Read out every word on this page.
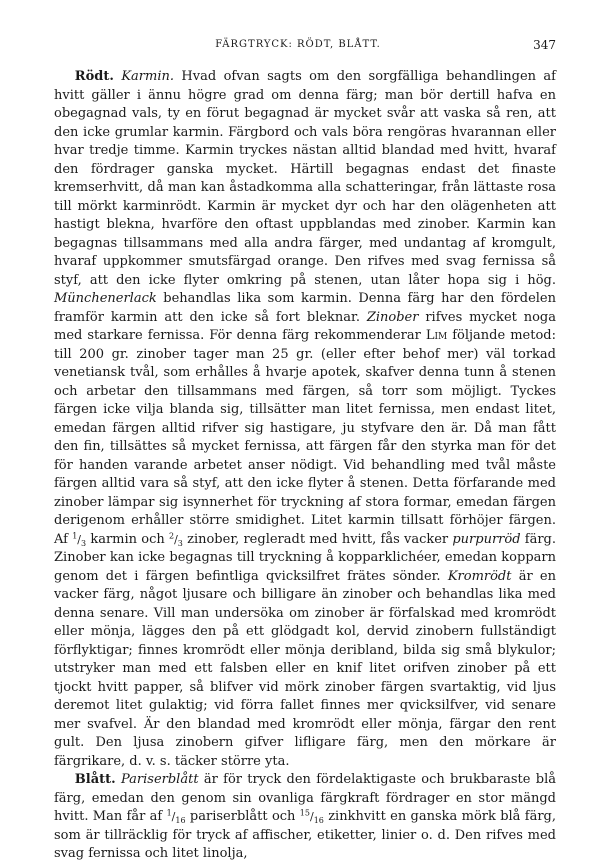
FÄRGTRYCK: RÖDT, BLÅTT.	347

Rödt. Karmin. Hvad ofvan sagts om den sorgfälliga behandlingen af hvitt gäller i ännu högre grad om denna färg; man bör dertill hafva en obegagnad vals, ty en förut begagnad är mycket svår att vaska så ren, att den icke grumlar karmin. Färgbord och vals böra rengöras hvarannan eller hvar tredje timme. Karmin tryckes nästan alltid blandad med hvitt, hvaraf den fördrager ganska mycket. Härtill begagnas endast det finaste kremserhvitt, då man kan åstadkomma alla schatteringar, från lättaste rosa till mörkt karminrödt. Karmin är mycket dyr och har den olägenheten att hastigt blekna, hvarföre den oftast uppblandas med zinober. Karmin kan begagnas tillsammans med alla andra färger, med undantag af kromgult, hvaraf uppkommer smutsfärgad orange. Den rifves med svag fernissa så styf, att den icke flyter omkring på stenen, utan låter hopa sig i hög. Münchenerlack behandlas lika som karmin. Denna färg har den fördelen framför karmin att den icke så fort bleknar. Zinober rifves mycket noga med starkare fernissa. För denna färg rekommenderar Lim följande metod: till 200 gr. zinober tager man 25 gr. (eller efter behof mer) väl torkad venetiansk tvål, som erhålles å hvarje apotek, skafver denna tunn å stenen och arbetar den tillsammans med färgen, så torr som möjligt. Tyckes färgen icke vilja blanda sig, tillsätter man litet fernissa, men endast litet, emedan färgen alltid rifver sig hastigare, ju styfvare den är. Då man fått den fin, tillsättes så mycket fernissa, att färgen får den styrka man för det för handen varande arbetet anser nödigt. Vid behandling med tvål måste färgen alltid vara så styf, att den icke flyter å stenen. Detta förfarande med zinober lämpar sig isynnerhet för tryckning af stora formar, emedan färgen derigenom erhåller större smidighet. Litet karmin tillsatt förhöjer färgen. Af $^1/_3$ karmin och $^2/_3$ zinober, regleradt med hvitt, fås vacker purpurröd färg. Zinober kan icke begagnas till tryckning å kopparklichéer, emedan kopparn genom det i färgen befintliga qvicksilfret frätes sönder. Kromrödt är en vacker färg, något ljusare och billigare än zinober och behandlas lika med denna senare. Vill man undersöka om zinober är förfalskad med kromrödt eller mönja, lägges den på ett glödgadt kol, dervid zinobern fullständigt förflyktigar; finnes kromrödt eller mönja deribland, bilda sig små blykulor; utstryker man med ett falsben eller en knif litet orifven zinober på ett tjockt hvitt papper, så blifver vid mörk zinober färgen svartaktig, vid ljus deremot litet gulaktig; vid förra fallet finnes mer qvicksilfver, vid senare mer svafvel. Är den blandad med kromrödt eller mönja, färgar den rent gult. Den ljusa zinobern gifver lifligare färg, men den mörkare är färgrikare, d. v. s. täcker större yta.

Blått. Pariserblått är för tryck den fördelaktigaste och brukbaraste blå färg, emedan den genom sin ovanliga färgkraft fördrager en stor mängd hvitt. Man får af $^1/_{16}$ pariserblått och $^{15}/_{16}$ zinkhvitt en ganska mörk blå färg, som är tillräcklig för tryck af affischer, etiketter, linier o. d. Den rifves med svag fernissa och litet linolja,
